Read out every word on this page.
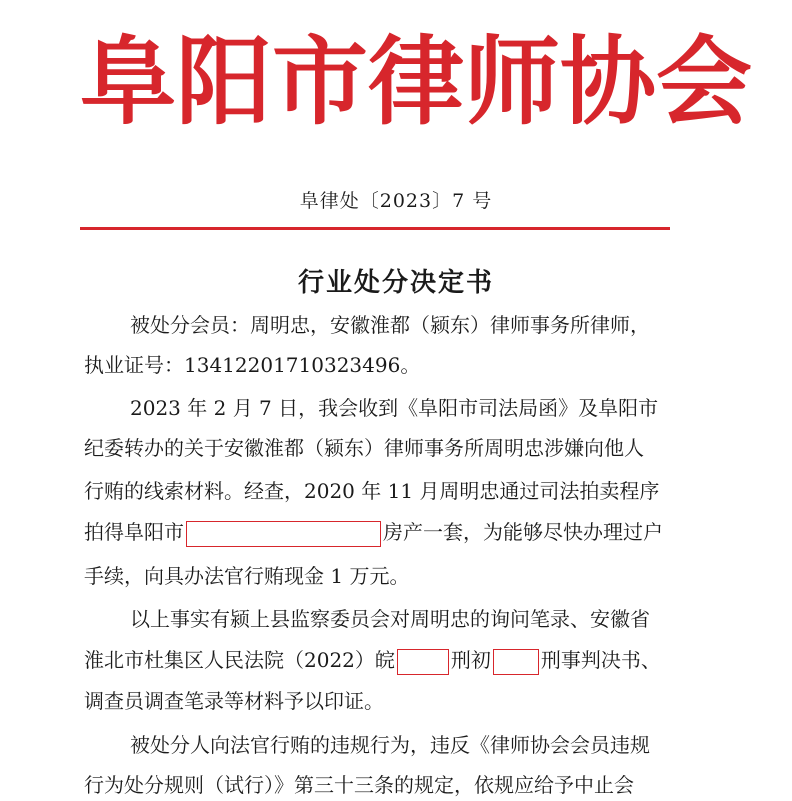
阜 阳 市 律 师 协 会
阜律处〔2023〕7 号
行业处分决定书
被处分会员：周明忠，安徽淮都（颍东）律师事务所律师，
执业证号：13412201710323496。
2023 年 2 月 7 日，我会收到《阜阳市司法局函》及阜阳市
纪委转办的关于安徽淮都（颍东）律师事务所周明忠涉嫌向他人
行贿的线索材料。经查，2020 年 11 月周明忠通过司法拍卖程序
拍得阜阳市	房产一套，为能够尽快办理过户
手续，向具办法官行贿现金 1 万元。
以上事实有颍上县监察委员会对周明忠的询问笔录、安徽省
淮北市杜集区人民法院（2022）皖	刑初	刑事判决书、
调查员调查笔录等材料予以印证。
被处分人向法官行贿的违规行为，违反《律师协会会员违规
行为处分规则（试行）》第三十三条的规定，依规应给予中止会
